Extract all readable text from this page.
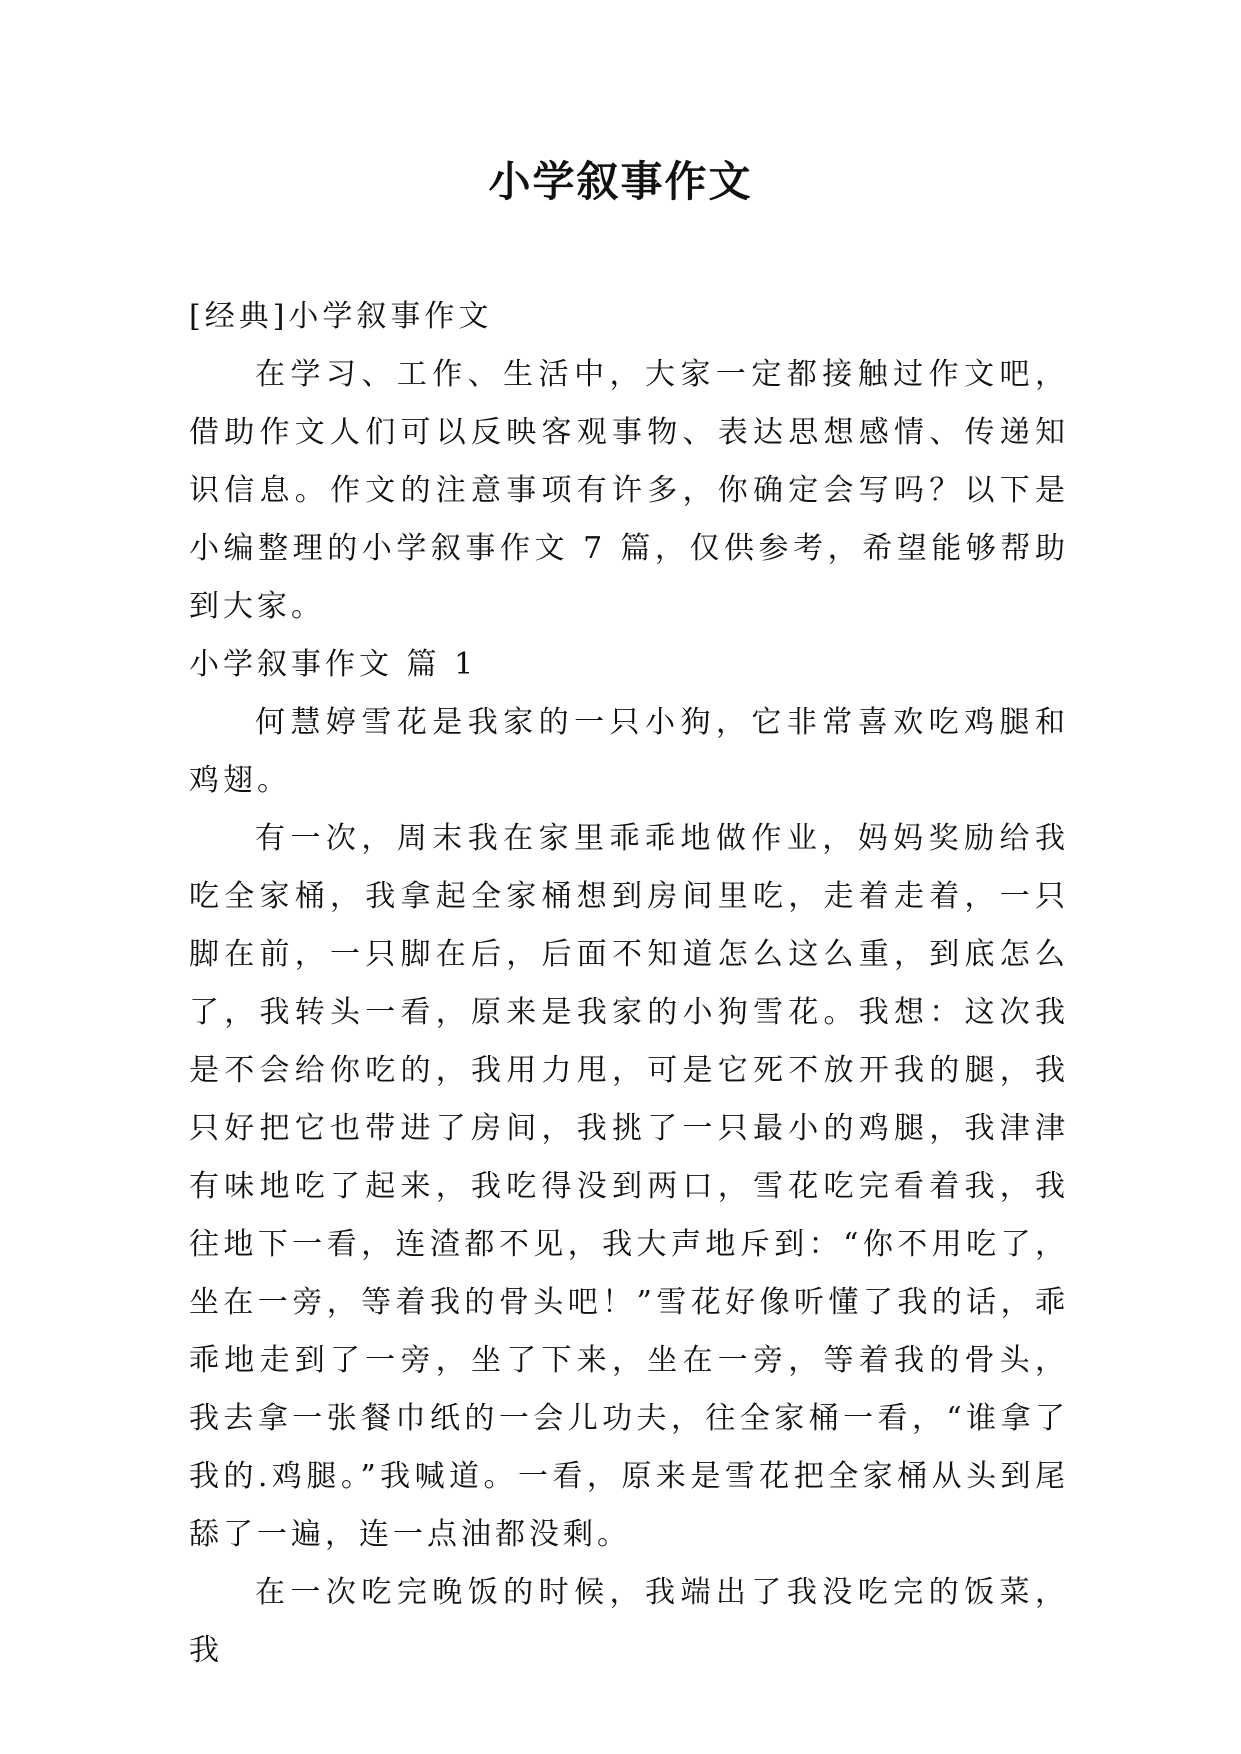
小学叙事作文

[经典]小学叙事作文

在学习、工作、生活中，大家一定都接触过作文吧，借助作文人们可以反映客观事物、表达思想感情、传递知识信息。作文的注意事项有许多，你确定会写吗？以下是小编整理的小学叙事作文 7 篇，仅供参考，希望能够帮助到大家。

小学叙事作文 篇 1

何慧婷雪花是我家的一只小狗，它非常喜欢吃鸡腿和鸡翅。

有一次，周末我在家里乖乖地做作业，妈妈奖励给我吃全家桶，我拿起全家桶想到房间里吃，走着走着，一只脚在前，一只脚在后，后面不知道怎么这么重，到底怎么了，我转头一看，原来是我家的小狗雪花。我想：这次我是不会给你吃的，我用力甩，可是它死不放开我的腿，我只好把它也带进了房间，我挑了一只最小的鸡腿，我津津有味地吃了起来，我吃得没到两口，雪花吃完看着我，我往地下一看，连渣都不见，我大声地斥到：“你不用吃了，坐在一旁，等着我的骨头吧！”雪花好像听懂了我的话，乖乖地走到了一旁，坐了下来，坐在一旁，等着我的骨头，我去拿一张餐巾纸的一会儿功夫，往全家桶一看，“谁拿了我的.鸡腿。”我喊道。一看，原来是雪花把全家桶从头到尾舔了一遍，连一点油都没剩。

在一次吃完晚饭的时候，我端出了我没吃完的饭菜，我
